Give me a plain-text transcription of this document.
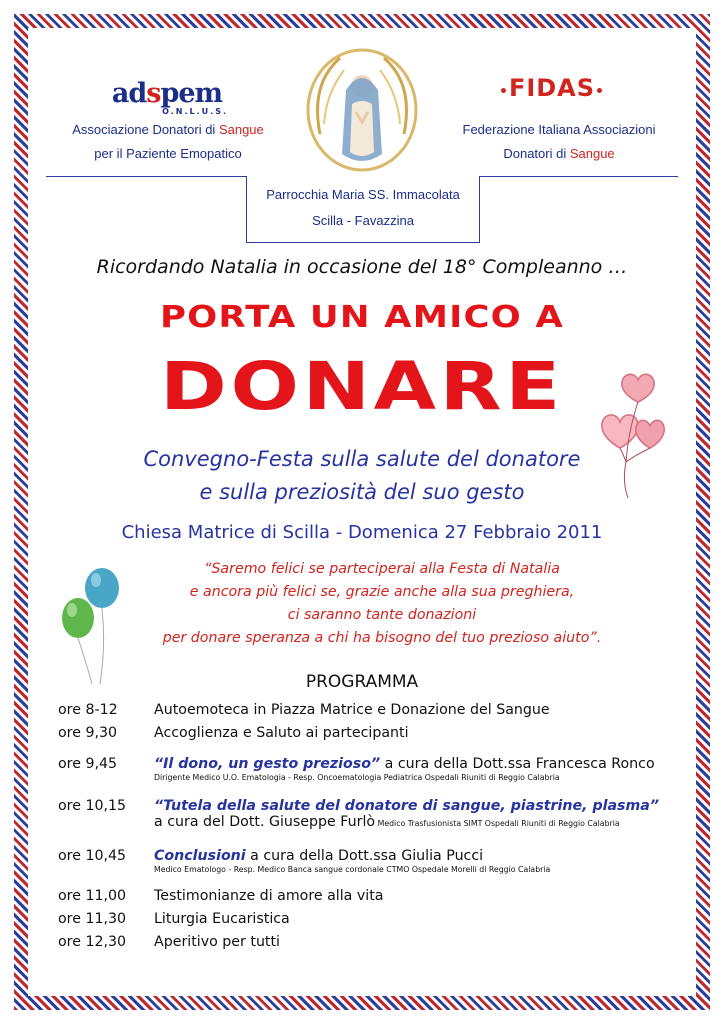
adspem
O.N.L.U.S.
Associazione Donatori di Sangue
per il Paziente Emopatico
•FIDAS•
Federazione Italiana Associazioni
Donatori di Sangue
Parrocchia Maria SS. Immacolata
Scilla - Favazzina
Ricordando Natalia in occasione del 18° Compleanno …
PORTA UN AMICO A
DONARE
Convegno-Festa sulla salute del donatore
e sulla preziosità del suo gesto
Chiesa Matrice di Scilla - Domenica 27 Febbraio 2011
“Saremo felici se parteciperai alla Festa di Natalia
e ancora più felici se, grazie anche alla sua preghiera,
ci saranno tante donazioni
per donare speranza a chi ha bisogno del tuo prezioso aiuto”.
PROGRAMMA
ore 8-12	Autoemoteca in Piazza Matrice e Donazione del Sangue
ore 9,30	Accoglienza e Saluto ai partecipanti
ore 9,45	“Il dono, un gesto prezioso” a cura della Dott.ssa Francesca Ronco
Dirigente Medico U.O. Ematologia - Resp. Oncoematologia Pediatrica Ospedali Riuniti di Reggio Calabria
ore 10,15	“Tutela della salute del donatore di sangue, piastrine, plasma”
a cura del Dott. Giuseppe Furlò Medico Trasfusionista SIMT Ospedali Riuniti di Reggio Calabria
ore 10,45	Conclusioni a cura della Dott.ssa Giulia Pucci
Medico Ematologo - Resp. Medico Banca sangue cordonale CTMO Ospedale Morelli di Reggio Calabria
ore 11,00	Testimonianze di amore alla vita
ore 11,30	Liturgia Eucaristica
ore 12,30	Aperitivo per tutti
